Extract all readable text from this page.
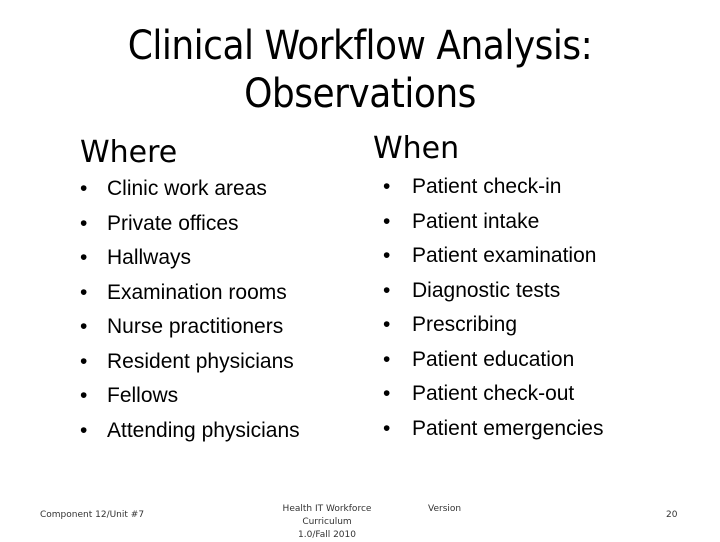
Clinical Workflow Analysis:
Observations
Where	When
• Clinic work areas
• Private offices
• Hallways
• Examination rooms
• Nurse practitioners
• Resident physicians
• Fellows
• Attending physicians
• Patient check-in
• Patient intake
• Patient examination
• Diagnostic tests
• Prescribing
• Patient education
• Patient check-out
• Patient emergencies
Component 12/Unit #7
Health IT Workforce Curriculum
1.0/Fall 2010
Version
20
